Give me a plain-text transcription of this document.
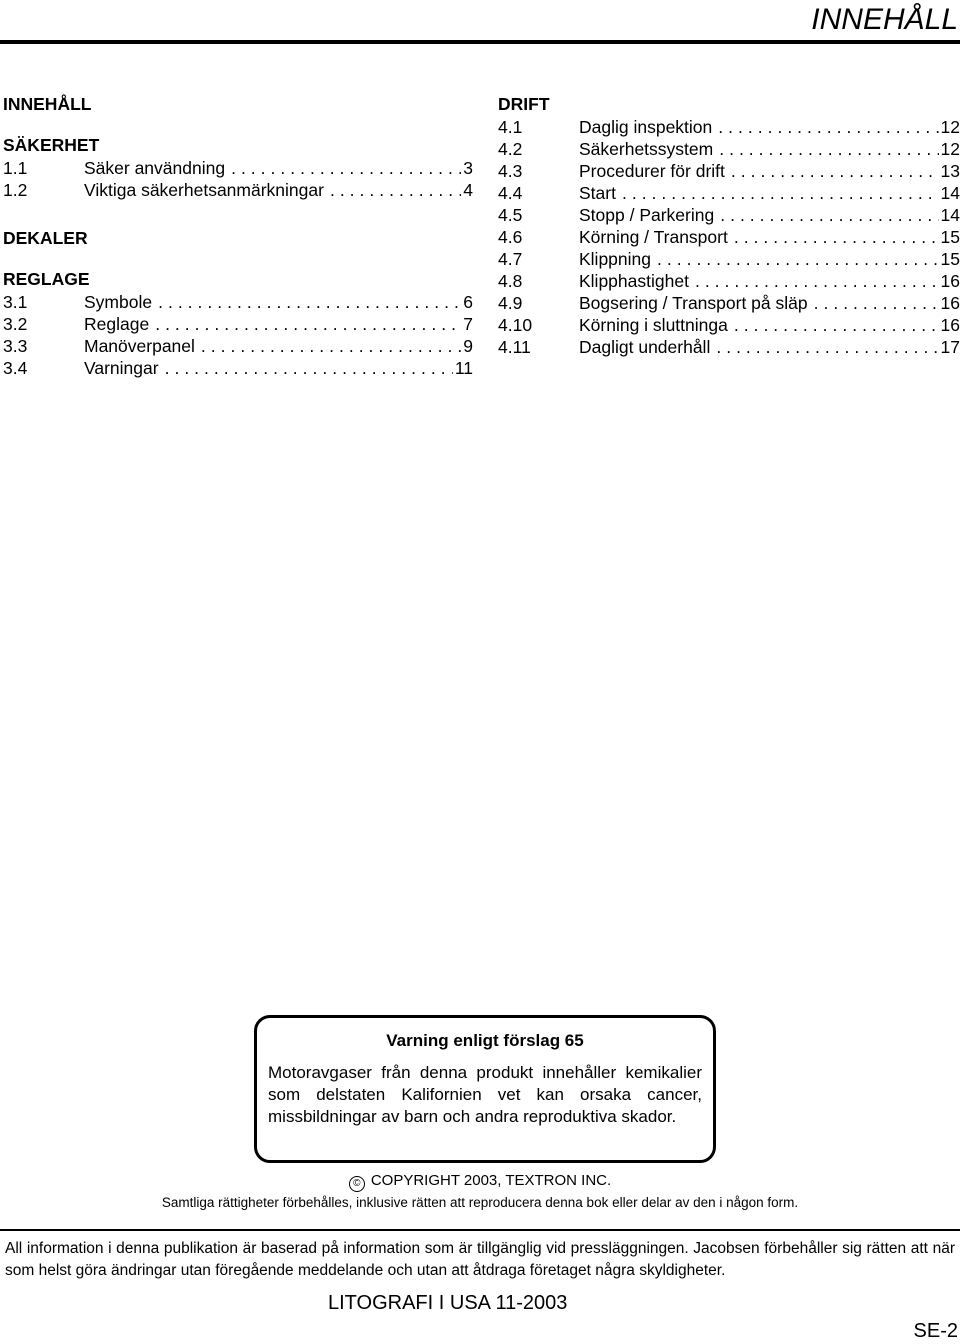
INNEHÅLL
INNEHÅLL
SÄKERHET
1.1	Säker användning .....	3
1.2	Viktiga säkerhetsanmärkningar .....	4
DEKALER
REGLAGE
3.1	Symbole .....	6
3.2	Reglage .....	7
3.3	Manöverpanel .....	9
3.4	Varningar .....	11
DRIFT
4.1	Daglig inspektion .....	12
4.2	Säkerhetssystem .....	12
4.3	Procedurer för drift .....	13
4.4	Start .....	14
4.5	Stopp / Parkering .....	14
4.6	Körning / Transport .....	15
4.7	Klippning .....	15
4.8	Klipphastighet .....	16
4.9	Bogsering / Transport på släp .....	16
4.10	Körning i sluttninga .....	16
4.11	Dagligt underhåll .....	17
Varning enligt förslag 65
Motoravgaser från denna produkt innehåller kemikalier som delstaten Kalifornien vet kan orsaka cancer, missbildningar av barn och andra reproduktiva skador.
© COPYRIGHT 2003, TEXTRON INC.
Samtliga rättigheter förbehålles, inklusive rätten att reproducera denna bok eller delar av den i någon form.
All information i denna publikation är baserad på information som är tillgänglig vid pressläggningen. Jacobsen förbehåller sig rätten att när som helst göra ändringar utan föregående meddelande och utan att åtdraga företaget några skyldigheter.
LITOGRAFI I USA 11-2003
SE-2
